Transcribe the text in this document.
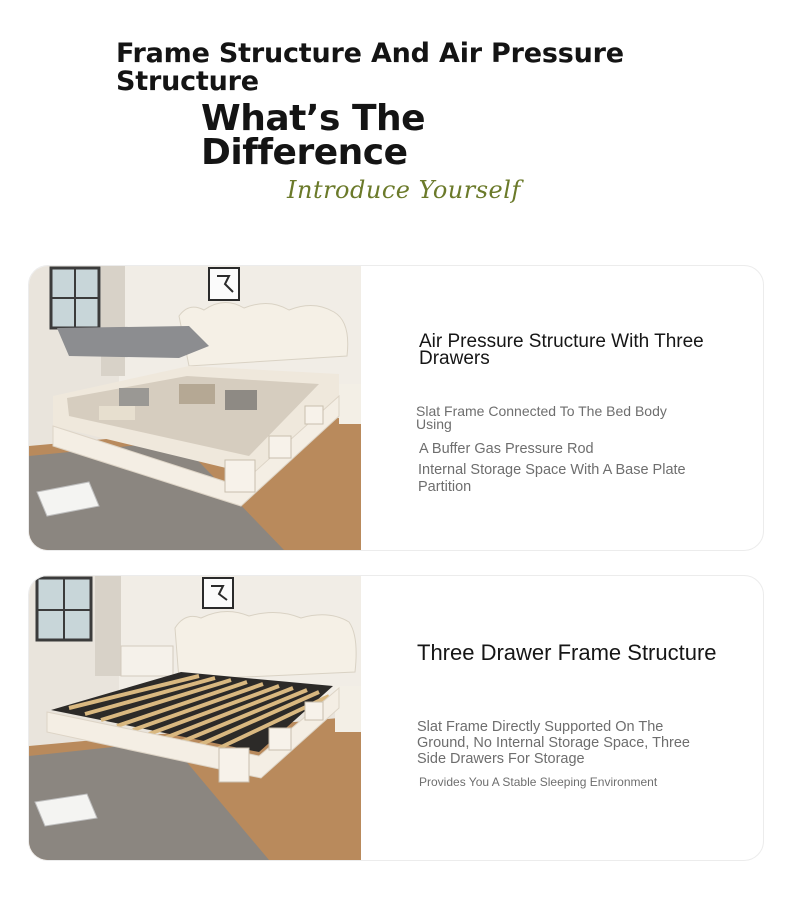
Frame Structure And Air Pressure Structure
What’s The Difference

Introduce Yourself

Air Pressure Structure With Three Drawers

Slat Frame Connected To The Bed Body Using

A Buffer Gas Pressure Rod

Internal Storage Space With A Base Plate Partition

Three Drawer Frame Structure

Slat Frame Directly Supported On The Ground, No Internal Storage Space, Three Side Drawers For Storage

Provides You A Stable Sleeping Environment
